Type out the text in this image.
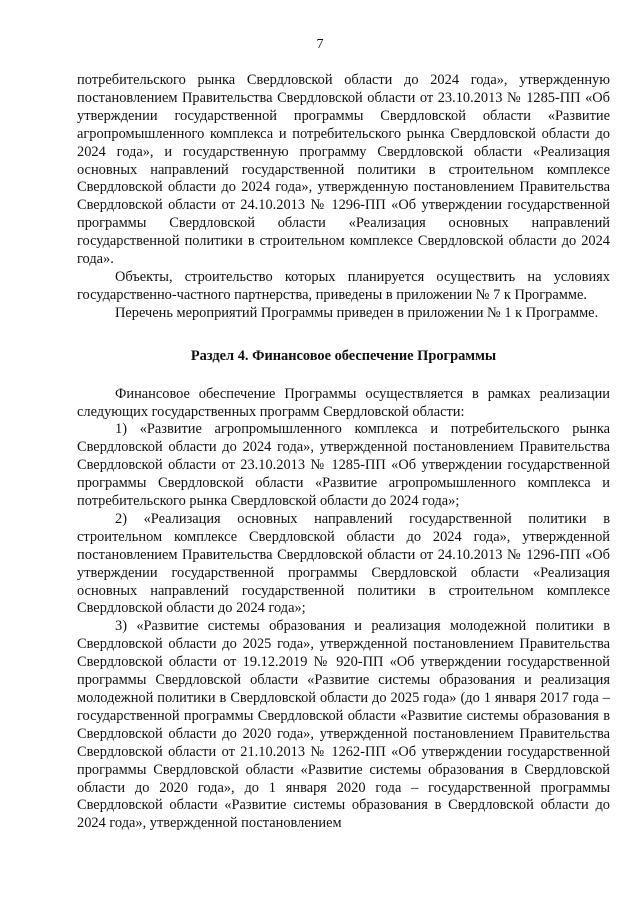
7

потребительского рынка Свердловской области до 2024 года», утвержденную постановлением Правительства Свердловской области от 23.10.2013 № 1285-ПП «Об утверждении государственной программы Свердловской области «Развитие агропромышленного комплекса и потребительского рынка Свердловской области до 2024 года», и государственную программу Свердловской области «Реализация основных направлений государственной политики в строительном комплексе Свердловской области до 2024 года», утвержденную постановлением Правительства Свердловской области от 24.10.2013 № 1296-ПП «Об утверждении государственной программы Свердловской области «Реализация основных направлений государственной политики в строительном комплексе Свердловской области до 2024 года».

Объекты, строительство которых планируется осуществить на условиях государственно-частного партнерства, приведены в приложении № 7 к Программе.

Перечень мероприятий Программы приведен в приложении № 1 к Программе.

Раздел 4. Финансовое обеспечение Программы

Финансовое обеспечение Программы осуществляется в рамках реализации следующих государственных программ Свердловской области:

1) «Развитие агропромышленного комплекса и потребительского рынка Свердловской области до 2024 года», утвержденной постановлением Правительства Свердловской области от 23.10.2013 № 1285-ПП «Об утверждении государственной программы Свердловской области «Развитие агропромышленного комплекса и потребительского рынка Свердловской области до 2024 года»;

2) «Реализация основных направлений государственной политики в строительном комплексе Свердловской области до 2024 года», утвержденной постановлением Правительства Свердловской области от 24.10.2013 № 1296-ПП «Об утверждении государственной программы Свердловской области «Реализация основных направлений государственной политики в строительном комплексе Свердловской области до 2024 года»;

3) «Развитие системы образования и реализация молодежной политики в Свердловской области до 2025 года», утвержденной постановлением Правительства Свердловской области от 19.12.2019 № 920-ПП «Об утверждении государственной программы Свердловской области «Развитие системы образования и реализация молодежной политики в Свердловской области до 2025 года» (до 1 января 2017 года – государственной программы Свердловской области «Развитие системы образования в Свердловской области до 2020 года», утвержденной постановлением Правительства Свердловской области от 21.10.2013 № 1262-ПП «Об утверждении государственной программы Свердловской области «Развитие системы образования в Свердловской области до 2020 года», до 1 января 2020 года – государственной программы Свердловской области «Развитие системы образования в Свердловской области до 2024 года», утвержденной постановлением
